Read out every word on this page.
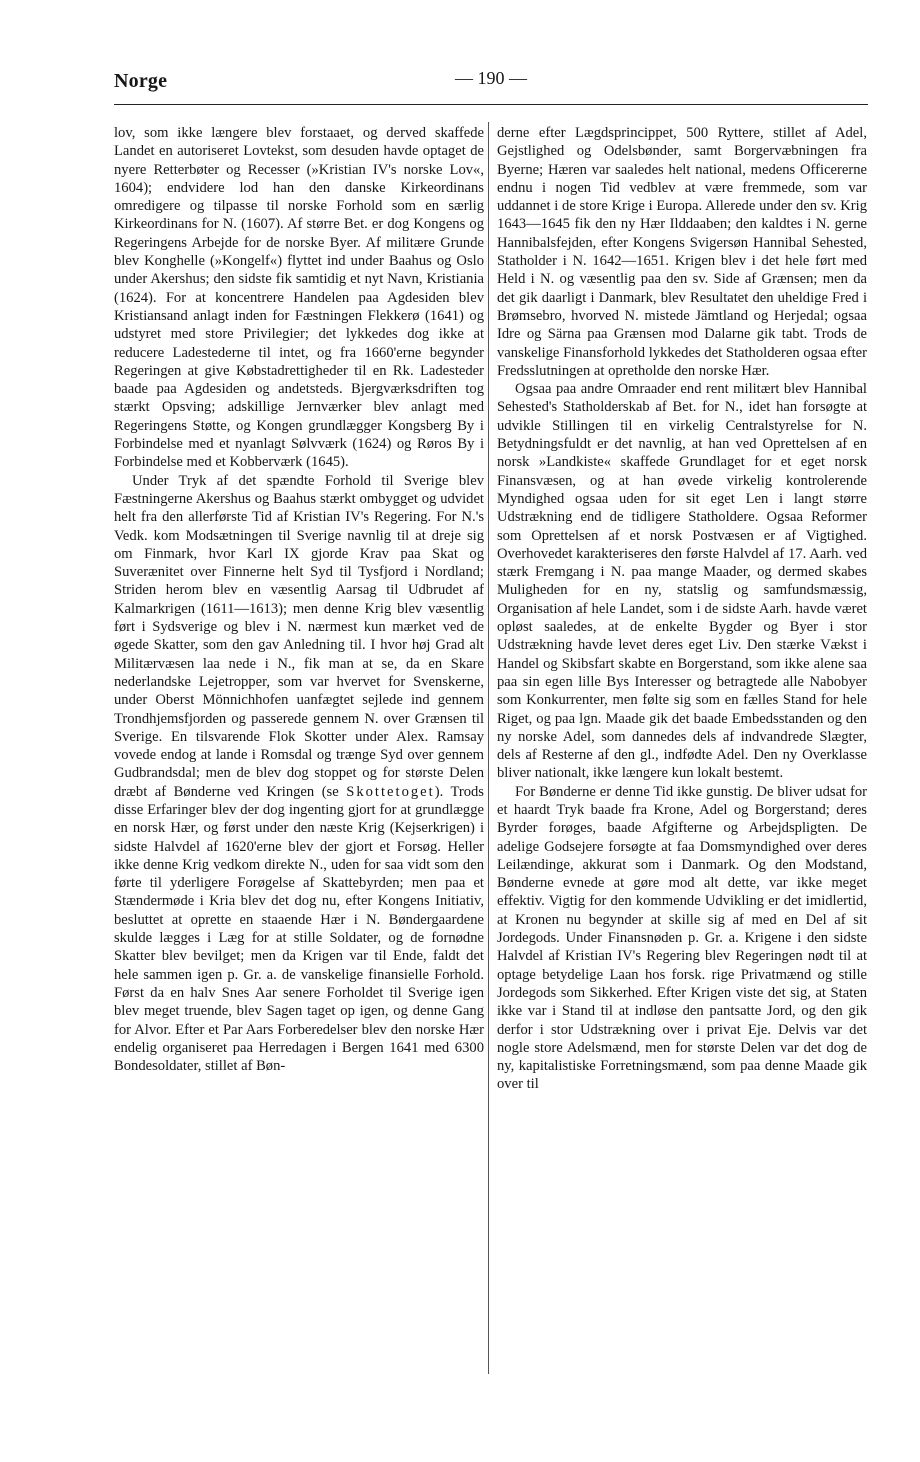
Norge	— 190 —

lov, som ikke længere blev forstaaet, og derved skaffede Landet en autoriseret Lovtekst, som desuden havde optaget de nyere Retterbøter og Recesser (»Kristian IV's norske Lov«, 1604); endvidere lod han den danske Kirkeordinans omredigere og tilpasse til norske Forhold som en særlig Kirkeordinans for N. (1607). Af større Bet. er dog Kongens og Regeringens Arbejde for de norske Byer. Af militære Grunde blev Konghelle (»Kongelf«) flyttet ind under Baahus og Oslo under Akershus; den sidste fik samtidig et nyt Navn, Kristiania (1624). For at koncentrere Handelen paa Agdesiden blev Kristiansand anlagt inden for Fæstningen Flekkerø (1641) og udstyret med store Privilegier; det lykkedes dog ikke at reducere Ladestederne til intet, og fra 1660'erne begynder Regeringen at give Købstadrettigheder til en Rk. Ladesteder baade paa Agdesiden og andetsteds. Bjergværksdriften tog stærkt Opsving; adskillige Jernværker blev anlagt med Regeringens Støtte, og Kongen grundlægger Kongsberg By i Forbindelse med et nyanlagt Sølvværk (1624) og Røros By i Forbindelse med et Kobberværk (1645).

Under Tryk af det spændte Forhold til Sverige blev Fæstningerne Akershus og Baahus stærkt ombygget og udvidet helt fra den allerførste Tid af Kristian IV's Regering. For N.'s Vedk. kom Modsætningen til Sverige navnlig til at dreje sig om Finmark, hvor Karl IX gjorde Krav paa Skat og Suverænitet over Finnerne helt Syd til Tysfjord i Nordland; Striden herom blev en væsentlig Aarsag til Udbrudet af Kalmarkrigen (1611—1613); men denne Krig blev væsentlig ført i Sydsverige og blev i N. nærmest kun mærket ved de øgede Skatter, som den gav Anledning til. I hvor høj Grad alt Militærvæsen laa nede i N., fik man at se, da en Skare nederlandske Lejetropper, som var hvervet for Svenskerne, under Oberst Mönnichhofen uanfægtet sejlede ind gennem Trondhjemsfjorden og passerede gennem N. over Grænsen til Sverige. En tilsvarende Flok Skotter under Alex. Ramsay vovede endog at lande i Romsdal og trænge Syd over gennem Gudbrandsdal; men de blev dog stoppet og for største Delen dræbt af Bønderne ved Kringen (se Skottetoget). Trods disse Erfaringer blev der dog ingenting gjort for at grundlægge en norsk Hær, og først under den næste Krig (Kejserkrigen) i sidste Halvdel af 1620'erne blev der gjort et Forsøg. Heller ikke denne Krig vedkom direkte N., uden for saa vidt som den førte til yderligere Forøgelse af Skattebyrden; men paa et Stændermøde i Kria blev det dog nu, efter Kongens Initiativ, besluttet at oprette en staaende Hær i N. Bøndergaardene skulde lægges i Læg for at stille Soldater, og de fornødne Skatter blev bevilget; men da Krigen var til Ende, faldt det hele sammen igen p. Gr. a. de vanskelige finansielle Forhold. Først da en halv Snes Aar senere Forholdet til Sverige igen blev meget truende, blev Sagen taget op igen, og denne Gang for Alvor. Efter et Par Aars Forberedelser blev den norske Hær endelig organiseret paa Herredagen i Bergen 1641 med 6300 Bondesoldater, stillet af Bøn-

derne efter Lægdsprincippet, 500 Ryttere, stillet af Adel, Gejstlighed og Odelsbønder, samt Borgervæbningen fra Byerne; Hæren var saaledes helt national, medens Officererne endnu i nogen Tid vedblev at være fremmede, som var uddannet i de store Krige i Europa. Allerede under den sv. Krig 1643—1645 fik den ny Hær Ilddaaben; den kaldtes i N. gerne Hannibalsfejden, efter Kongens Svigersøn Hannibal Sehested, Statholder i N. 1642—1651. Krigen blev i det hele ført med Held i N. og væsentlig paa den sv. Side af Grænsen; men da det gik daarligt i Danmark, blev Resultatet den uheldige Fred i Brømsebro, hvorved N. mistede Jämtland og Herjedal; ogsaa Idre og Särna paa Grænsen mod Dalarne gik tabt. Trods de vanskelige Finansforhold lykkedes det Statholderen ogsaa efter Fredsslutningen at opretholde den norske Hær.

Ogsaa paa andre Omraader end rent militært blev Hannibal Sehested's Statholderskab af Bet. for N., idet han forsøgte at udvikle Stillingen til en virkelig Centralstyrelse for N. Betydningsfuldt er det navnlig, at han ved Oprettelsen af en norsk »Landkiste« skaffede Grundlaget for et eget norsk Finansvæsen, og at han øvede virkelig kontrolerende Myndighed ogsaa uden for sit eget Len i langt større Udstrækning end de tidligere Statholdere. Ogsaa Reformer som Oprettelsen af et norsk Postvæsen er af Vigtighed. Overhovedet karakteriseres den første Halvdel af 17. Aarh. ved stærk Fremgang i N. paa mange Maader, og dermed skabes Muligheden for en ny, statslig og samfundsmæssig, Organisation af hele Landet, som i de sidste Aarh. havde været opløst saaledes, at de enkelte Bygder og Byer i stor Udstrækning havde levet deres eget Liv. Den stærke Vækst i Handel og Skibsfart skabte en Borgerstand, som ikke alene saa paa sin egen lille Bys Interesser og betragtede alle Nabobyer som Konkurrenter, men følte sig som en fælles Stand for hele Riget, og paa lgn. Maade gik det baade Embedsstanden og den ny norske Adel, som dannedes dels af indvandrede Slægter, dels af Resterne af den gl., indfødte Adel. Den ny Overklasse bliver nationalt, ikke længere kun lokalt bestemt.

For Bønderne er denne Tid ikke gunstig. De bliver udsat for et haardt Tryk baade fra Krone, Adel og Borgerstand; deres Byrder forøges, baade Afgifterne og Arbejdspligten. De adelige Godsejere forsøgte at faa Domsmyndighed over deres Leilændinge, akkurat som i Danmark. Og den Modstand, Bønderne evnede at gøre mod alt dette, var ikke meget effektiv. Vigtig for den kommende Udvikling er det imidlertid, at Kronen nu begynder at skille sig af med en Del af sit Jordegods. Under Finansnøden p. Gr. a. Krigene i den sidste Halvdel af Kristian IV's Regering blev Regeringen nødt til at optage betydelige Laan hos forsk. rige Privatmænd og stille Jordegods som Sikkerhed. Efter Krigen viste det sig, at Staten ikke var i Stand til at indløse den pantsatte Jord, og den gik derfor i stor Udstrækning over i privat Eje. Delvis var det nogle store Adelsmænd, men for største Delen var det dog de ny, kapitalistiske Forretningsmænd, som paa denne Maade gik over til
